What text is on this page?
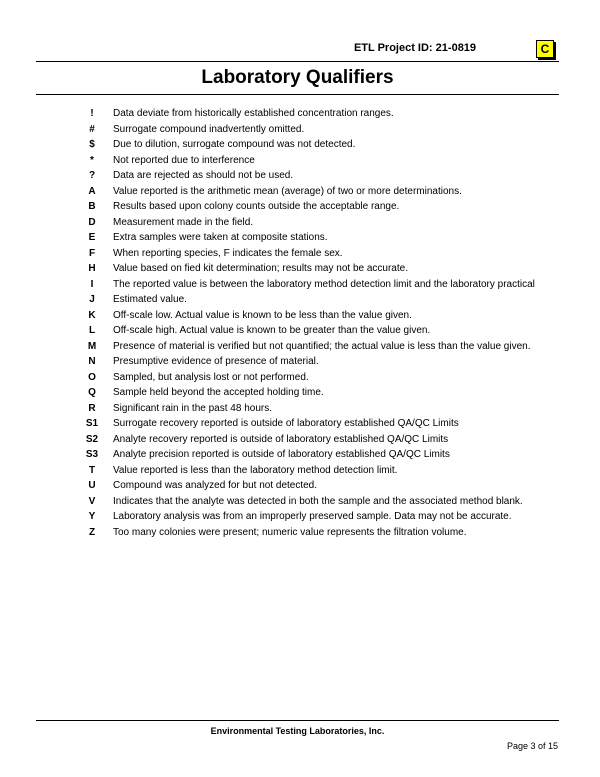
ETL Project ID: 21-0819	C
Laboratory Qualifiers
!	Data deviate from historically established concentration ranges.
#	Surrogate compound inadvertently omitted.
$	Due to dilution, surrogate compound was not detected.
*	Not reported due to interference
?	Data are rejected as should not be used.
A	Value reported is the arithmetic mean (average) of two or more determinations.
B	Results based upon colony counts outside the acceptable range.
D	Measurement made in the field.
E	Extra samples were taken at composite stations.
F	When reporting species, F indicates the female sex.
H	Value based on fied kit determination; results may not be accurate.
I	The reported value is between the laboratory method detection limit and the laboratory practical
J	Estimated value.
K	Off-scale low. Actual value is known to be less than the value given.
L	Off-scale high. Actual value is known to be greater than the value given.
M	Presence of material is verified but not quantified; the actual value is less than the value given.
N	Presumptive evidence of presence of material.
O	Sampled, but analysis lost or not performed.
Q	Sample held beyond the accepted holding time.
R	Significant rain in the past 48 hours.
S1	Surrogate recovery reported is outside of laboratory established QA/QC Limits
S2	Analyte recovery reported is outside of laboratory established QA/QC Limits
S3	Analyte precision reported is outside of laboratory established QA/QC Limits
T	Value reported is less than the laboratory method detection limit.
U	Compound was analyzed for but not detected.
V	Indicates that the analyte was detected in both the sample and the associated method blank.
Y	Laboratory analysis was from an improperly preserved sample. Data may not be accurate.
Z	Too many colonies were present; numeric value represents the filtration volume.
Environmental Testing Laboratories, Inc.
Page 3 of 15
